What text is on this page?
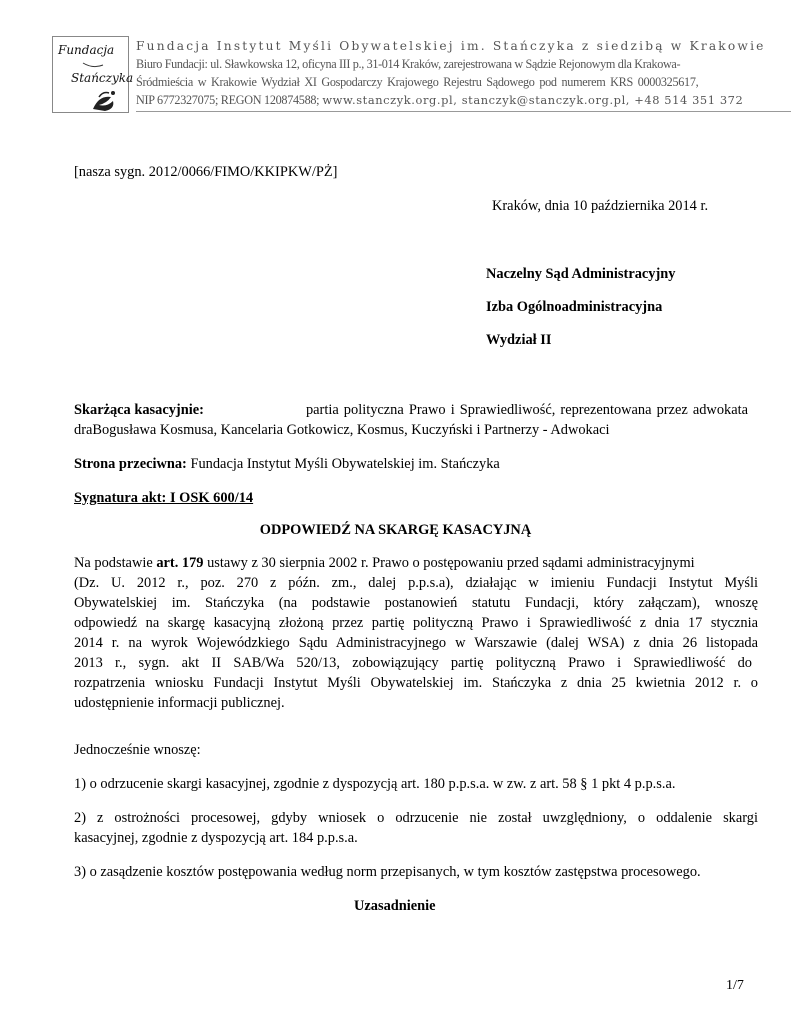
Fundacja
Stańczyka
Fundacja Instytut Myśli Obywatelskiej im. Stańczyka z siedzibą w Krakowie
Biuro Fundacji: ul. Sławkowska 12, oficyna III p., 31-014 Kraków, zarejestrowana w Sądzie Rejonowym dla Krakowa-
Śródmieścia w Krakowie Wydział XI Gospodarczy Krajowego Rejestru Sądowego pod numerem KRS 0000325617,
NIP 6772327075; REGON 120874588; www.stanczyk.org.pl, stanczyk@stanczyk.org.pl, +48 514 351 372
[nasza sygn. 2012/0066/FIMO/KKIPKW/PŻ]
Kraków, dnia 10 października 2014 r.
Naczelny Sąd Administracyjny
Izba Ogólnoadministracyjna
Wydział II
Skarżąca kasacyjnie:	partia polityczna Prawo i Sprawiedliwość, reprezentowana przez adwokata
draBogusława Kosmusa, Kancelaria Gotkowicz, Kosmus, Kuczyński i Partnerzy - Adwokaci
Strona przeciwna: Fundacja Instytut Myśli Obywatelskiej im. Stańczyka
Sygnatura akt: I OSK 600/14
ODPOWIEDŹ NA SKARGĘ KASACYJNĄ
Na podstawie art. 179 ustawy z 30 sierpnia 2002 r. Prawo o postępowaniu przed sądami administracyjnymi
(Dz. U. 2012 r., poz. 270 z późn. zm., dalej p.p.s.a), działając w imieniu Fundacji Instytut Myśli
Obywatelskiej im. Stańczyka (na podstawie postanowień statutu Fundacji, który załączam), wnoszę
odpowiedź na skargę kasacyjną złożoną przez partię polityczną Prawo i Sprawiedliwość z dnia 17 stycznia
2014 r. na wyrok Wojewódzkiego Sądu Administracyjnego w Warszawie (dalej WSA) z dnia 26 listopada
2013 r., sygn. akt II SAB/Wa 520/13, zobowiązujący partię polityczną Prawo i Sprawiedliwość do
rozpatrzenia wniosku Fundacji Instytut Myśli Obywatelskiej im. Stańczyka z dnia 25 kwietnia 2012 r. o
udostępnienie informacji publicznej.
Jednocześnie wnoszę:
1) o odrzucenie skargi kasacyjnej, zgodnie z dyspozycją art. 180 p.p.s.a. w zw. z art. 58 § 1 pkt 4 p.p.s.a.
2) z ostrożności procesowej, gdyby wniosek o odrzucenie nie został uwzględniony, o oddalenie skargi
kasacyjnej, zgodnie z dyspozycją art. 184 p.p.s.a.
3) o zasądzenie kosztów postępowania według norm przepisanych, w tym kosztów zastępstwa procesowego.
Uzasadnienie
1/7
